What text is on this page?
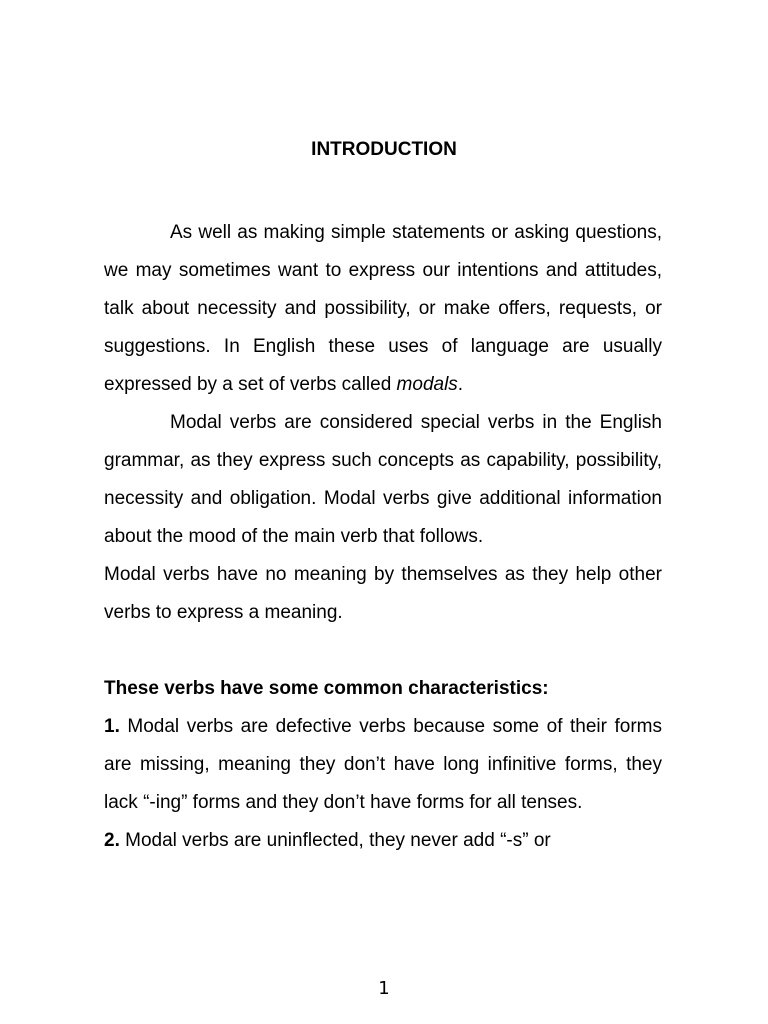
INTRODUCTION

As well as making simple statements or asking questions, we may sometimes want to express our intentions and attitudes, talk about necessity and possibility, or make offers, requests, or suggestions. In English these uses of language are usually expressed by a set of verbs called modals.

Modal verbs are considered special verbs in the English grammar, as they express such concepts as capability, possibility, necessity and obligation. Modal verbs give additional information about the mood of the main verb that follows.

Modal verbs have no meaning by themselves as they help other verbs to express a meaning.

These verbs have some common characteristics:

1. Modal verbs are defective verbs because some of their forms are missing, meaning they don’t have long infinitive forms, they lack “-ing” forms and they don’t have forms for all tenses.

2. Modal verbs are uninflected, they never add “-s” or

1
